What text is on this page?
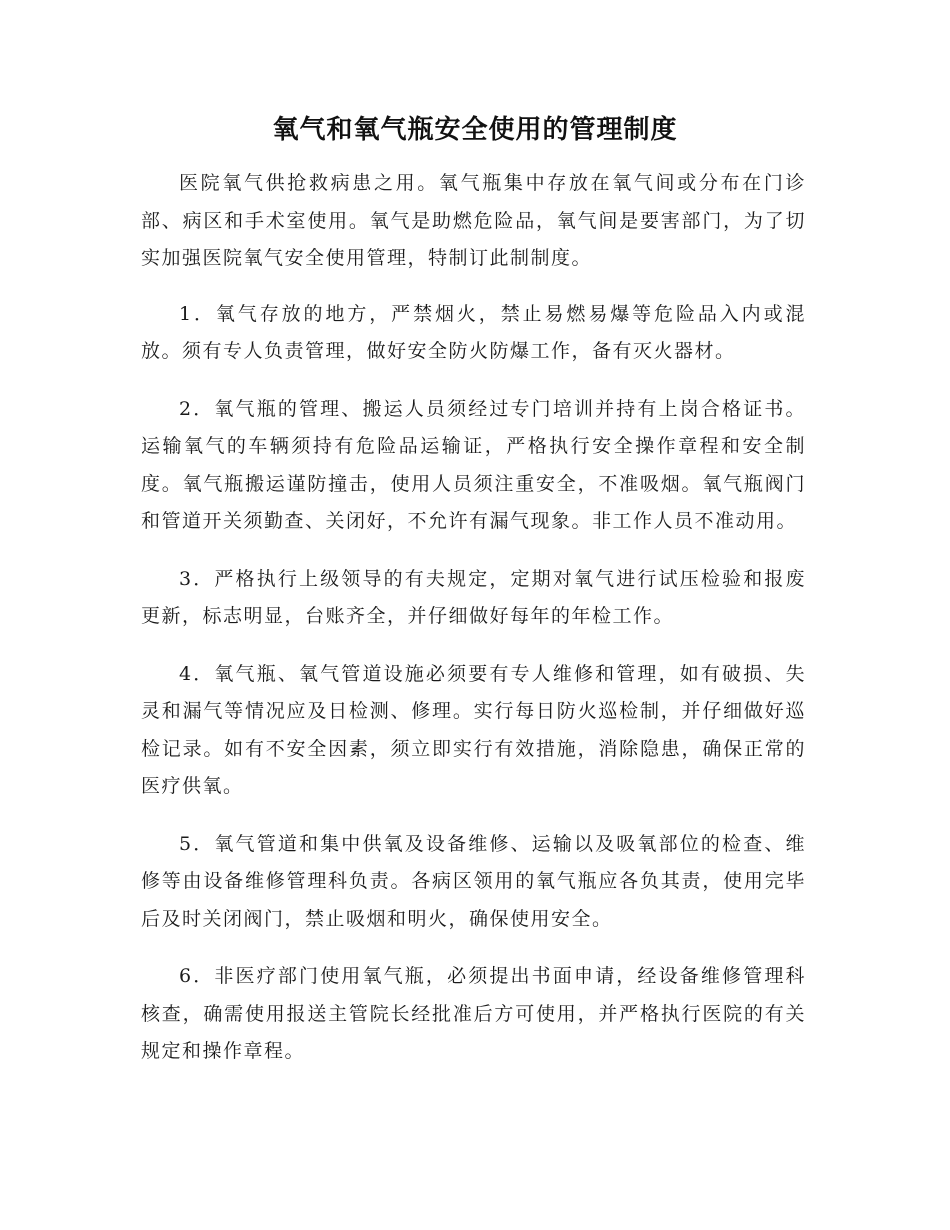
氧气和氧气瓶安全使用的管理制度

医院氧气供抢救病患之用。氧气瓶集中存放在氧气间或分布在门诊部、病区和手术室使用。氧气是助燃危险品，氧气间是要害部门，为了切实加强医院氧气安全使用管理，特制订此制制度。

1．氧气存放的地方，严禁烟火，禁止易燃易爆等危险品入内或混放。须有专人负责管理，做好安全防火防爆工作，备有灭火器材。

2．氧气瓶的管理、搬运人员须经过专门培训并持有上岗合格证书。运输氧气的车辆须持有危险品运输证，严格执行安全操作章程和安全制度。氧气瓶搬运谨防撞击，使用人员须注重安全，不准吸烟。氧气瓶阀门和管道开关须勤查、关闭好，不允许有漏气现象。非工作人员不准动用。

3．严格执行上级领导的有夫规定，定期对氧气进行试压检验和报废更新，标志明显，台账齐全，并仔细做好每年的年检工作。

4．氧气瓶、氧气管道设施必须要有专人维修和管理，如有破损、失灵和漏气等情况应及日检测、修理。实行每日防火巡检制，并仔细做好巡检记录。如有不安全因素，须立即实行有效措施，消除隐患，确保正常的医疗供氧。

5．氧气管道和集中供氧及设备维修、运输以及吸氧部位的检查、维修等由设备维修管理科负责。各病区领用的氧气瓶应各负其责，使用完毕后及时关闭阀门，禁止吸烟和明火，确保使用安全。

6．非医疗部门使用氧气瓶，必须提出书面申请，经设备维修管理科核查，确需使用报送主管院长经批准后方可使用，并严格执行医院的有关规定和操作章程。
